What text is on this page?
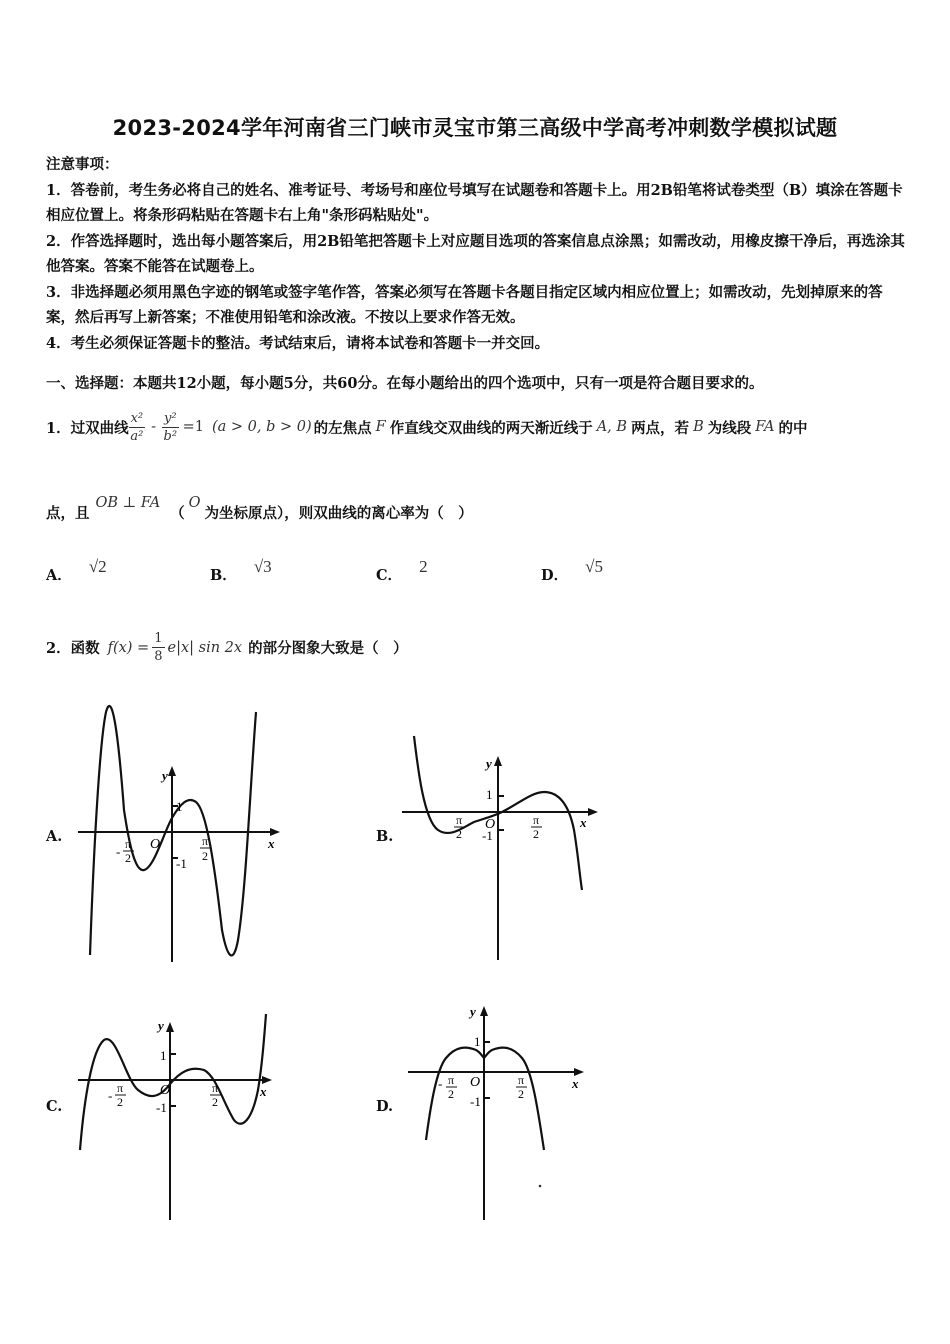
2023-2024学年河南省三门峡市灵宝市第三高级中学高考冲刺数学模拟试题

注意事项：

1．答卷前，考生务必将自己的姓名、准考证号、考场号和座位号填写在试题卷和答题卡上。用2B铅笔将试卷类型（B）填涂在答题卡相应位置上。将条形码粘贴在答题卡右上角"条形码粘贴处"。

2．作答选择题时，选出每小题答案后，用2B铅笔把答题卡上对应题目选项的答案信息点涂黑；如需改动，用橡皮擦干净后，再选涂其他答案。答案不能答在试题卷上。

3．非选择题必须用黑色字迹的钢笔或签字笔作答，答案必须写在答题卡各题目指定区域内相应位置上；如需改动，先划掉原来的答案，然后再写上新答案；不准使用铅笔和涂改液。不按以上要求作答无效。

4．考生必须保证答题卡的整洁。考试结束后，请将本试卷和答题卡一并交回。

一、选择题：本题共12小题，每小题5分，共60分。在每小题给出的四个选项中，只有一项是符合题目要求的。
1．过双曲线 $\frac{\text{x²}}{\text{a²}} - \frac{\text{y²}}{\text{b²}} =1$ (a > 0, b > 0) 的左焦点 F 作直线交双曲线的两天渐近线于 A, B 两点，若 B 为线段 FA 的中
点，且
OB ⊥ FA
（
O
为坐标原点），则双曲线的离心率为（　）
A． √2	B． √3	C． 2	D． √5
2．函数 $f(x) = \frac{1}{8} e|x|$ sin 2x 的部分图象大致是（　）
A.	B.
C.	D.
y
x
1
-1
O
- π
2
π
2
y
x
1
-1
O
π
2
π
2
y
x
1
-1
O
- π
2
π
2
y
x
1
-1
O
- π
2
π
2
